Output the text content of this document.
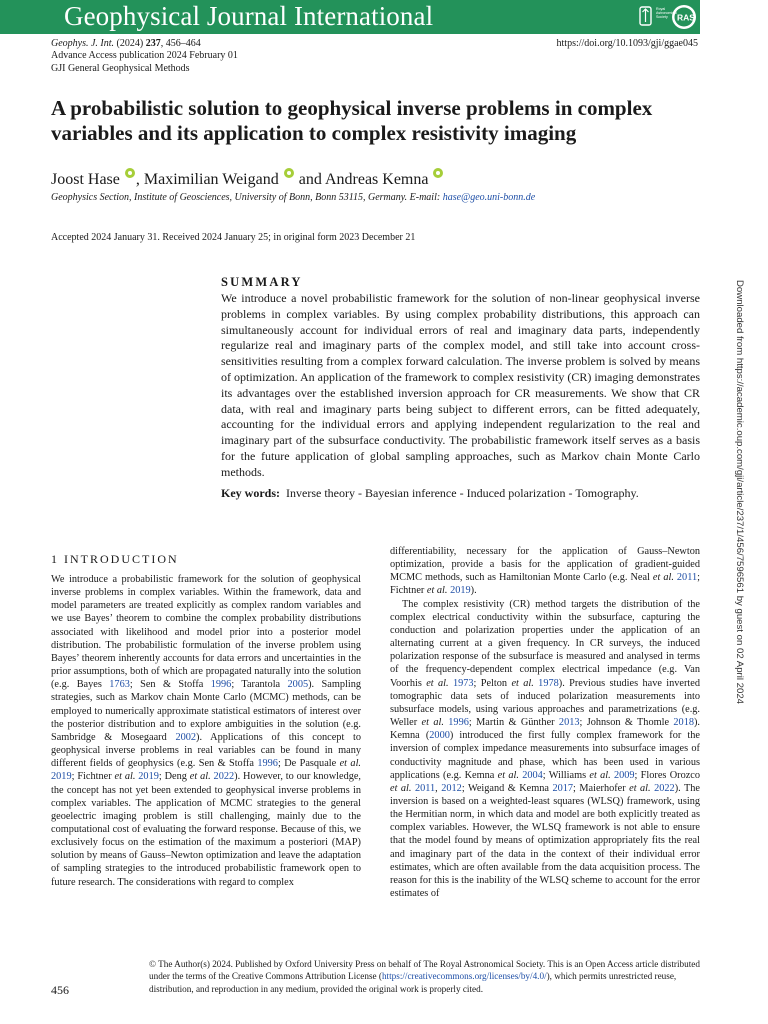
Geophysical Journal International	Royal Astronomical Society	RAS
Geophys. J. Int. (2024) 237, 456–464
Advance Access publication 2024 February 01
GJI General Geophysical Methods
https://doi.org/10.1093/gji/ggae045
A probabilistic solution to geophysical inverse problems in complex variables and its application to complex resistivity imaging

Joost Hase , Maximilian Weigand  and Andreas Kemna

Geophysics Section, Institute of Geosciences, University of Bonn, Bonn 53115, Germany. E-mail: hase@geo.uni-bonn.de
Accepted 2024 January 31. Received 2024 January 25; in original form 2023 December 21
SUMMARY

We introduce a novel probabilistic framework for the solution of non-linear geophysical inverse problems in complex variables. By using complex probability distributions, this approach can simultaneously account for individual errors of real and imaginary data parts, independently regularize real and imaginary parts of the complex model, and still take into account cross-sensitivities resulting from a complex forward calculation. The inverse problem is solved by means of optimization. An application of the framework to complex resistivity (CR) imaging demonstrates its advantages over the established inversion approach for CR measurements. We show that CR data, with real and imaginary parts being subject to different errors, can be fitted adequately, accounting for the individual errors and applying independent regularization to the real and imaginary part of the subsurface conductivity. The probabilistic framework itself serves as a basis for the future application of global sampling approaches, such as Markov chain Monte Carlo methods.

Key words: Inverse theory - Bayesian inference - Induced polarization - Tomography.
1 INTRODUCTION

We introduce a probabilistic framework for the solution of geophysical inverse problems in complex variables. Within the framework, data and model parameters are treated explicitly as complex random variables and we use Bayes’ theorem to combine the complex probability distributions associated with likelihood and model prior into a posterior model distribution. The probabilistic formulation of the inverse problem using Bayes’ theorem inherently accounts for data errors and uncertainties in the prior assumptions, both of which are propagated naturally into the solution (e.g. Bayes 1763; Sen & Stoffa 1996; Tarantola 2005). Sampling strategies, such as Markov chain Monte Carlo (MCMC) methods, can be employed to numerically approximate statistical estimators of interest over the posterior distribution and to explore ambiguities in the solution (e.g. Sambridge & Mosegaard 2002). Applications of this concept to geophysical inverse problems in real variables can be found in many different fields of geophysics (e.g. Sen & Stoffa 1996; De Pasquale et al. 2019; Fichtner et al. 2019; Deng et al. 2022). However, to our knowledge, the concept has not yet been extended to geophysical inverse problems in complex variables. The application of MCMC strategies to the general geoelectric imaging problem is still challenging, mainly due to the computational cost of evaluating the forward response. Because of this, we exclusively focus on the estimation of the maximum a posteriori (MAP) solution by means of Gauss–Newton optimization and leave the adaptation of sampling strategies to the introduced probabilistic framework open to future research. The considerations with regard to complex

differentiability, necessary for the application of Gauss–Newton optimization, provide a basis for the application of gradient-guided MCMC methods, such as Hamiltonian Monte Carlo (e.g. Neal et al. 2011; Fichtner et al. 2019).

The complex resistivity (CR) method targets the distribution of the complex electrical conductivity within the subsurface, capturing the conduction and polarization properties under the application of an alternating current at a given frequency. In CR surveys, the induced polarization response of the subsurface is measured and analysed in terms of the frequency-dependent complex electrical impedance (e.g. Van Voorhis et al. 1973; Pelton et al. 1978). Previous studies have inverted tomographic data sets of induced polarization measurements into subsurface models, using various approaches and parametrizations (e.g. Weller et al. 1996; Martin & Günther 2013; Johnson & Thomle 2018). Kemna (2000) introduced the first fully complex framework for the inversion of complex impedance measurements into subsurface images of conductivity magnitude and phase, which has been used in various applications (e.g. Kemna et al. 2004; Williams et al. 2009; Flores Orozco et al. 2011, 2012; Weigand & Kemna 2017; Maierhofer et al. 2022). The inversion is based on a weighted-least squares (WLSQ) framework, using the Hermitian norm, in which data and model are both explicitly treated as complex variables. However, the WLSQ framework is not able to ensure that the model found by means of optimization appropriately fits the real and imaginary part of the data in the context of their individual error estimates, which are often available from the data acquisition process. The reason for this is the inability of the WLSQ scheme to account for the error estimates of

Downloaded from https://academic.oup.com/gji/article/237/1/456/7596561 by guest on 02 April 2024
456
© The Author(s) 2024. Published by Oxford University Press on behalf of The Royal Astronomical Society. This is an Open Access article distributed under the terms of the Creative Commons Attribution License (https://creativecommons.org/licenses/by/4.0/), which permits unrestricted reuse, distribution, and reproduction in any medium, provided the original work is properly cited.
